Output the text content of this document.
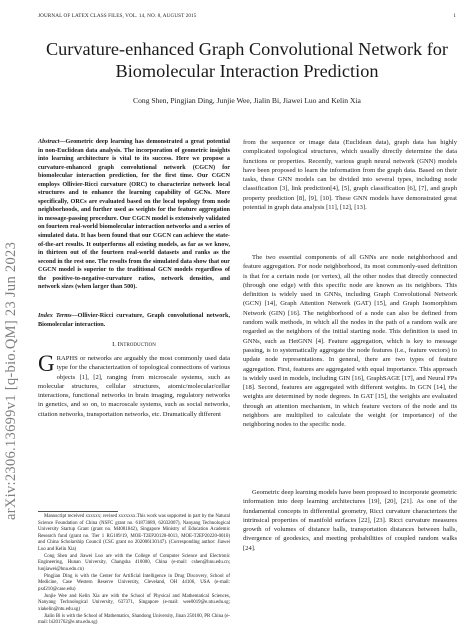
JOURNAL OF LATEX CLASS FILES, VOL. 14, NO. 8, AUGUST 2015	1
arXiv:2306.13699v1 [q-bio.QM] 23 Jun 2023
Curvature-enhanced Graph Convolutional Network for Biomolecular Interaction Prediction
Cong Shen, Pingjian Ding, Junjie Wee, Jialin Bi, Jiawei Luo and Kelin Xia
Abstract—Geometric deep learning has demonstrated a great potential in non-Euclidean data analysis. The incorporation of geometric insights into learning architecture is vital to its success. Here we propose a curvature-enhanced graph convolutional network (CGCN) for biomolecular interaction prediction, for the first time. Our CGCN employs Ollivier-Ricci curvature (ORC) to characterize network local structures and to enhance the learning capability of GCNs. More specifically, ORCs are evaluated based on the local topology from node neighborhoods, and further used as weights for the feature aggregation in message-passing procedure. Our CGCN model is extensively validated on fourteen real-world biomolecular interaction networks and a series of simulated data. It has been found that our CGCN can achieve the state-of-the-art results. It outperforms all existing models, as far as we know, in thirteen out of the fourteen real-world datasets and ranks as the second in the rest one. The results from the simulated data show that our CGCN model is superior to the traditional GCN models regardless of the positive-to-negative-curvature ratios, network densities, and network sizes (when larger than 500).
Index Terms—Ollivier-Ricci curvature, Graph convolutional network, Biomolecular interaction.
I. Introduction
GRAPHS or networks are arguably the most commonly used data type for the characterization of topological connections of various objects [1], [2], ranging from microscale systems, such as molecular structures, cellular structures, atomic/molecular/cellar interactions, functional networks in brain imaging, regulatory networks in genetics, and so on, to macroscale systems, such as social networks, citation networks, transportation networks, etc. Dramatically different

Manuscript received xxxxxx; revised xxxxxxx.This work was supported in part by the Natural Science Foundation of China (NSFC grant no. 61873089, 62032007), Nanyang Technological University Startup Grant (grant no. M4081842), Singapore Ministry of Education Academic Research fund (grant no. Tier 1 RG109/19, MOE-T2EP20120-0013, MOE-T2EP20220-0010) and China Scholarship Council (CSC grant no 202006130147). (Corresponding author: Jiawei Luo and Kelin Xia)

Cong Shen and Jiawei Luo are with the College of Computer Science and Electronic Engineering, Hunan University, Changsha 410000, China (e-mail: cshen@hnu.edu.cn; luojiawei@hnu.edu.cn)

Pingjian Ding is with the Center for Artificial Intelligence in Drug Discovery, School of Medicine, Case Western Reserve University, Cleveland, OH 44106, USA (e-mail: pxd210@case.edu)

Junjie Wee and Kelin Xia are with the School of Physical and Mathematical Sciences, Nanyang Technological University, 637371, Singapore (e-mail: wee0019@e.ntu.edu.sg; xiakelin@ntu.edu.sg)

Jialin Bi is with the School of Mathematics, Shandong University, Jinan 250100, PR China (e-mail: bi201762@e.ntu.edu.sg)

from the sequence or image data (Euclidean data), graph data has highly complicated topological structures, which usually directly determine the data functions or properties. Recently, various graph neural network (GNN) models have been proposed to learn the information from the graph data. Based on their tasks, these GNN models can be divided into several types, including node classification [3], link prediction[4], [5], graph classification [6], [7], and graph property prediction [8], [9], [10]. These GNN models have demonstrated great potential in graph data analysis [11], [12], [13].

The two essential components of all GNNs are node neighborhood and feature aggregation. For node neighborhood, its most commonly-used definition is that for a certain node (or vertex), all the other nodes that directly connected (through one edge) with this specific node are known as its neighbors. This definition is widely used in GNNs, including Graph Convolutional Network (GCN) [14], Graph Attention Network (GAT) [15], and Graph Isomorphism Network (GIN) [16]. The neighborhood of a node can also be defined from random walk methods, in which all the nodes in the path of a random walk are regarded as the neighbors of the initial starting node. This definition is used in GNNs, such as HetGNN [4]. Feature aggregation, which is key to message passing, is to systematically aggregate the node features (i.e., feature vectors) to update node representations. In general, there are two types of feature aggregation. First, features are aggregated with equal importance. This approach is widely used in models, including GIN [16], GraphSAGE [17], and Neural FPs [18]. Second, features are aggregated with different weights. In GCN [14], the weights are determined by node degrees. In GAT [15], the weights are evaluated through an attention mechanism, in which feature vectors of the node and its neighbors are multiplied to calculate the weight (or importance) of the neighboring nodes to the specific node.

Geometric deep learning models have been proposed to incorporate geometric information into deep learning architectures [19], [20], [21]. As one of the fundamental concepts in differential geometry, Ricci curvature characterizes the intrinsical properties of manifold surfaces [22], [23]. Ricci curvature measures growth of volumes of distance balls, transportation distances between balls, divergence of geodesics, and meeting probabilities of coupled random walks [24].
